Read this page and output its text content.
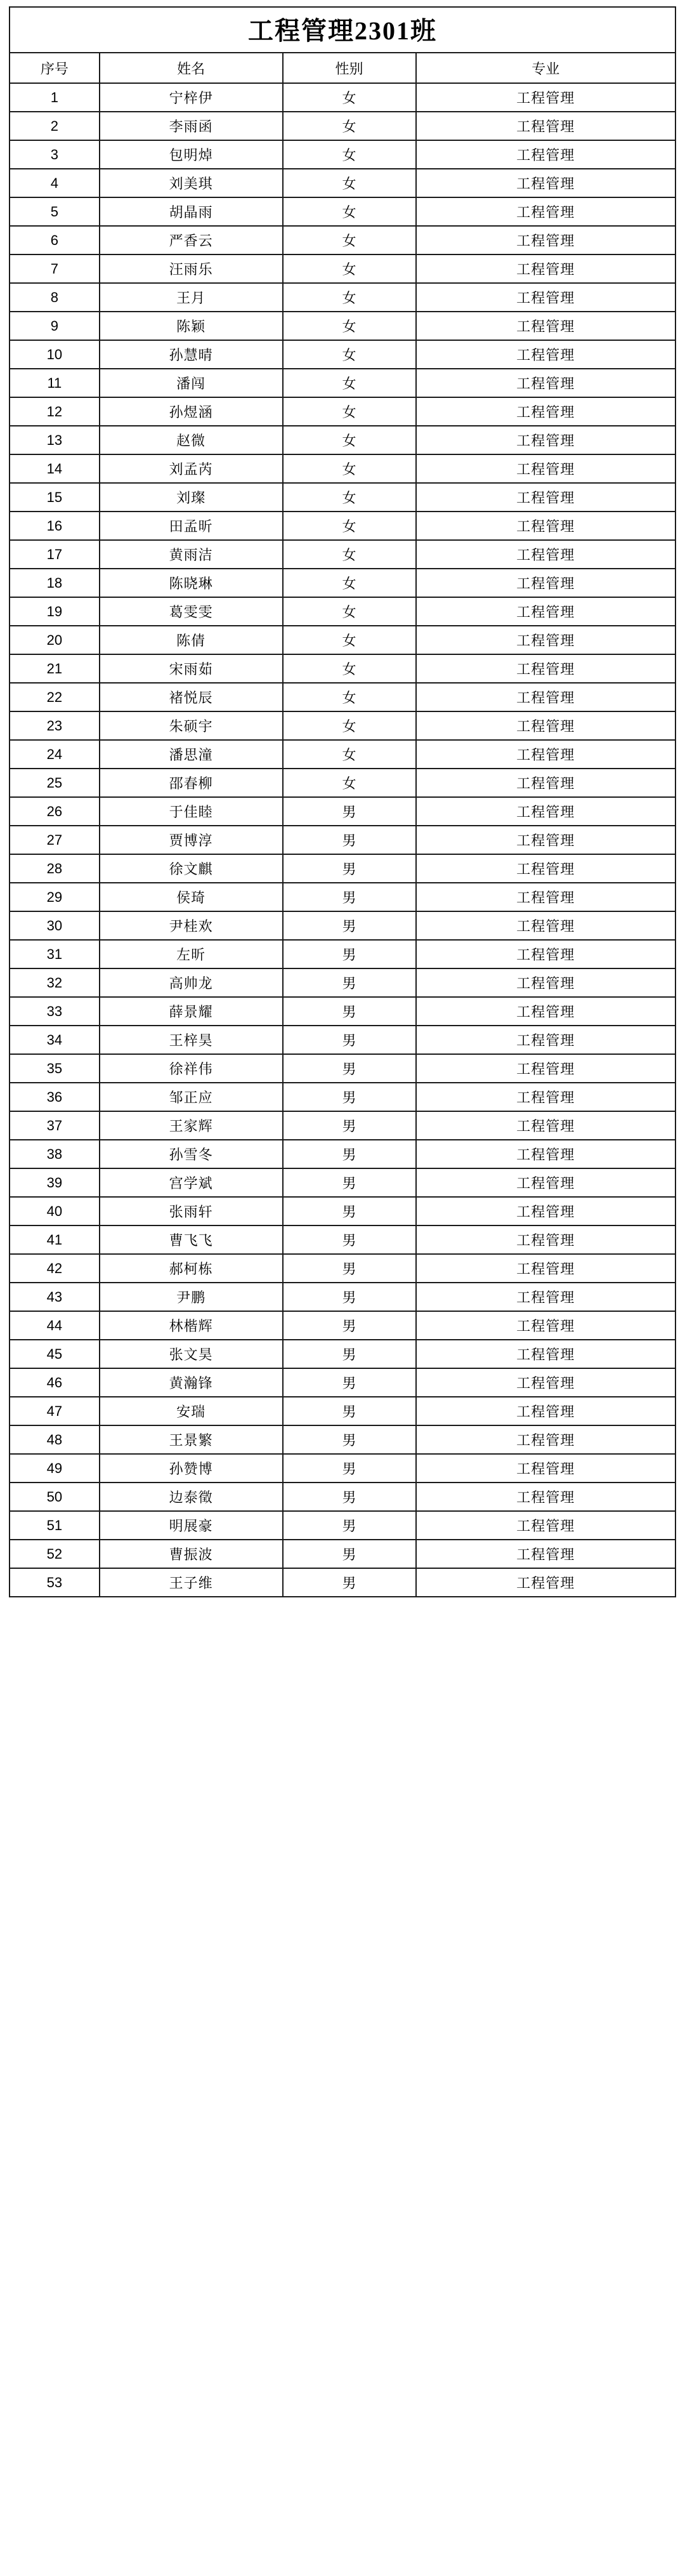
工程管理2301班			
序号	姓名	性别	专业
1	宁梓伊	女	工程管理
2	李雨函	女	工程管理
3	包明焯	女	工程管理
4	刘美琪	女	工程管理
5	胡晶雨	女	工程管理
6	严香云	女	工程管理
7	汪雨乐	女	工程管理
8	王月	女	工程管理
9	陈颖	女	工程管理
10	孙慧晴	女	工程管理
11	潘闯	女	工程管理
12	孙煜涵	女	工程管理
13	赵微	女	工程管理
14	刘孟芮	女	工程管理
15	刘璨	女	工程管理
16	田孟昕	女	工程管理
17	黄雨洁	女	工程管理
18	陈晓琳	女	工程管理
19	葛雯雯	女	工程管理
20	陈倩	女	工程管理
21	宋雨茹	女	工程管理
22	褚悦辰	女	工程管理
23	朱硕宇	女	工程管理
24	潘思潼	女	工程管理
25	邵春柳	女	工程管理
26	于佳睦	男	工程管理
27	贾博淳	男	工程管理
28	徐文麒	男	工程管理
29	侯琦	男	工程管理
30	尹桂欢	男	工程管理
31	左昕	男	工程管理
32	高帅龙	男	工程管理
33	薛景耀	男	工程管理
34	王梓昊	男	工程管理
35	徐祥伟	男	工程管理
36	邹正应	男	工程管理
37	王家辉	男	工程管理
38	孙雪冬	男	工程管理
39	宫学斌	男	工程管理
40	张雨轩	男	工程管理
41	曹飞飞	男	工程管理
42	郝柯栋	男	工程管理
43	尹鹏	男	工程管理
44	林楷辉	男	工程管理
45	张文昊	男	工程管理
46	黄瀚锋	男	工程管理
47	安瑞	男	工程管理
48	王景繁	男	工程管理
49	孙赞博	男	工程管理
50	边泰徵	男	工程管理
51	明展豪	男	工程管理
52	曹振波	男	工程管理
53	王子维	男	工程管理
